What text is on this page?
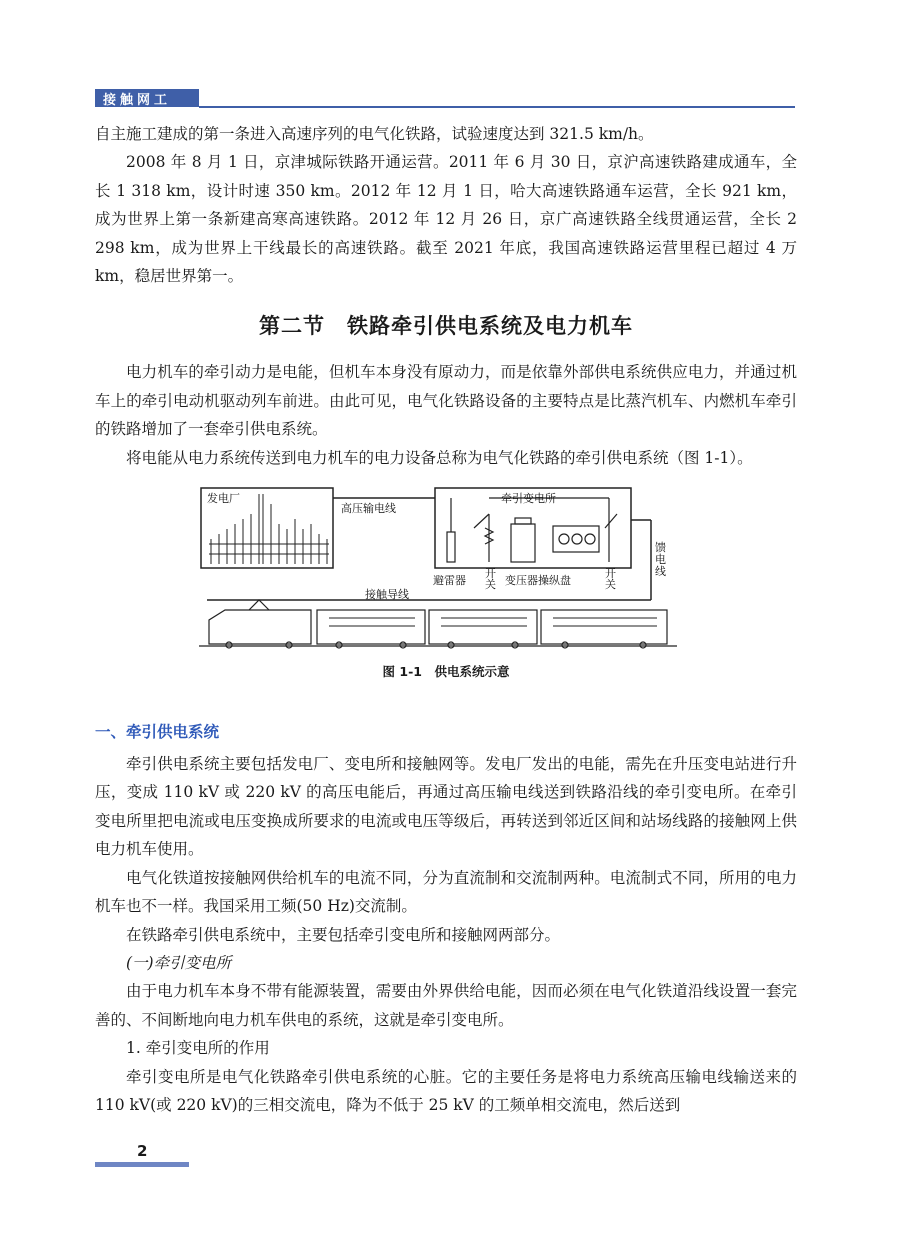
接触网工

自主施工建成的第一条进入高速序列的电气化铁路，试验速度达到 321.5 km/h。

2008 年 8 月 1 日，京津城际铁路开通运营。2011 年 6 月 30 日，京沪高速铁路建成通车，全长 1 318 km，设计时速 350 km。2012 年 12 月 1 日，哈大高速铁路通车运营，全长 921 km，成为世界上第一条新建高寒高速铁路。2012 年 12 月 26 日，京广高速铁路全线贯通运营，全长 2 298 km，成为世界上干线最长的高速铁路。截至 2021 年底，我国高速铁路运营里程已超过 4 万 km，稳居世界第一。

第二节　铁路牵引供电系统及电力机车

电力机车的牵引动力是电能，但机车本身没有原动力，而是依靠外部供电系统供应电力，并通过机车上的牵引电动机驱动列车前进。由此可见，电气化铁路设备的主要特点是比蒸汽机车、内燃机车牵引的铁路增加了一套牵引供电系统。

将电能从电力系统传送到电力机车的电力设备总称为电气化铁路的牵引供电系统（图 1-1）。

发电厂
高压输电线
牵引变电所
避雷器
开关 变压器操纵盘
开关
馈电线
接触导线
图 1-1　供电系统示意
一、牵引供电系统

牵引供电系统主要包括发电厂、变电所和接触网等。发电厂发出的电能，需先在升压变电站进行升压，变成 110 kV 或 220 kV 的高压电能后，再通过高压输电线送到铁路沿线的牵引变电所。在牵引变电所里把电流或电压变换成所要求的电流或电压等级后，再转送到邻近区间和站场线路的接触网上供电力机车使用。

电气化铁道按接触网供给机车的电流不同，分为直流制和交流制两种。电流制式不同，所用的电力机车也不一样。我国采用工频(50 Hz)交流制。

在铁路牵引供电系统中，主要包括牵引变电所和接触网两部分。

(一)牵引变电所

由于电力机车本身不带有能源装置，需要由外界供给电能，因而必须在电气化铁道沿线设置一套完善的、不间断地向电力机车供电的系统，这就是牵引变电所。

1. 牵引变电所的作用

牵引变电所是电气化铁路牵引供电系统的心脏。它的主要任务是将电力系统高压输电线输送来的 110 kV(或 220 kV)的三相交流电，降为不低于 25 kV 的工频单相交流电，然后送到

2
